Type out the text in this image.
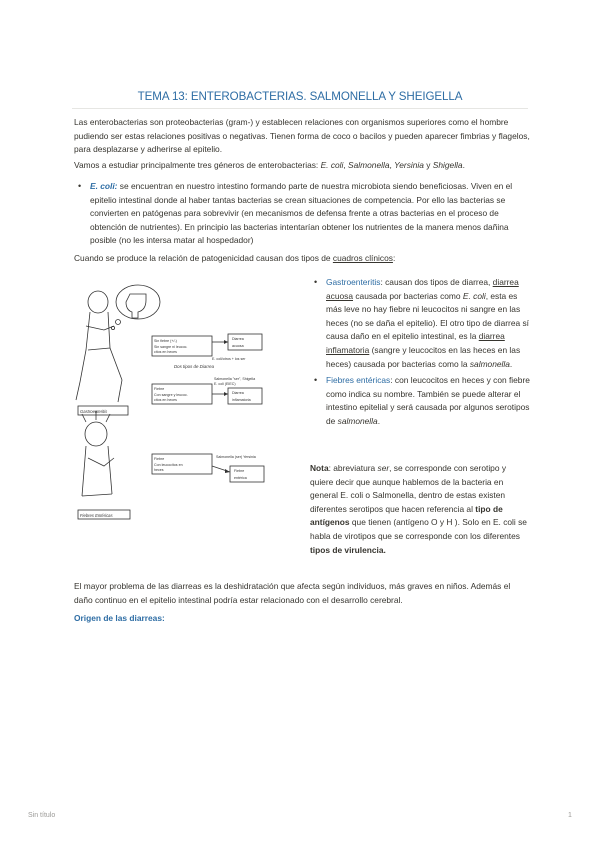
TEMA 13: ENTEROBACTERIAS. SALMONELLA Y SHEIGELLA

Las enterobacterias son proteobacterias (gram-) y establecen relaciones con organismos superiores como el hombre pudiendo ser estas relaciones positivas o negativas. Tienen forma de coco o bacilos y pueden aparecer fimbrias y flagelos, para desplazarse y adherirse al epitelio.

Vamos a estudiar principalmente tres géneros de enterobacterias: E. coli, Salmonella, Yersinia y Shigella.

• E. coli: se encuentran en nuestro intestino formando parte de nuestra microbiota siendo beneficiosas. Viven en el epitelio intestinal donde al haber tantas bacterias se crean situaciones de competencia. Por ello las bacterias se convierten en patógenas para sobrevivir (en mecanismos de defensa frente a otras bacterias en el proceso de obtención de nutrientes). En principio las bacterias intentarían obtener los nutrientes de la manera menos dañina posible (no les intersa matar al hospedador)

Cuando se produce la relación de patogenicidad causan dos tipos de cuadros clínicos:

Sin fiebre (+/-)
Sin sangre ni leucoc.
citos en heces
Diarrea
acuosa
E. coli/otros + los ser
Dos tipos de Diarrea
Fiebre
Con sangre y leucoc.
citos en heces
Salmonella "ser", Shigella
E. coli (EIEC)
Diarrea
inflamatoria
Gastroenteritis
Fiebre
Con leucocitos en
heces
Salmonella (ser) Yersinia
Fiebre
entérica
Fiebres Entéricas
• Gastroenteritis: causan dos tipos de diarrea, diarrea acuosa causada por bacterias como E. coli, esta es más leve no hay fiebre ni leucocitos ni sangre en las heces (no se daña el epitelio). El otro tipo de diarrea sí causa daño en el epitelio intestinal, es la diarrea inflamatoria (sangre y leucocitos en las heces en las heces) causada por bacterias como la salmonella.
• Fiebres entéricas: con leucocitos en heces y con fiebre como indica su nombre. También se puede alterar el intestino epitelial y será causada por algunos serotipos de salmonella.

Nota: abreviatura ser, se corresponde con serotipo y quiere decir que aunque hablemos de la bacteria en general E. coli o Salmonella, dentro de estas existen diferentes serotipos que hacen referencia al tipo de antígenos que tienen (antígeno O y H ). Solo en E. coli se habla de virotipos que se corresponde con los diferentes tipos de virulencia.

El mayor problema de las diarreas es la deshidratación que afecta según individuos, más graves en niños. Además el daño continuo en el epitelio intestinal podría estar relacionado con el desarrollo cerebral.

Origen de las diarreas:

Sin título	1
